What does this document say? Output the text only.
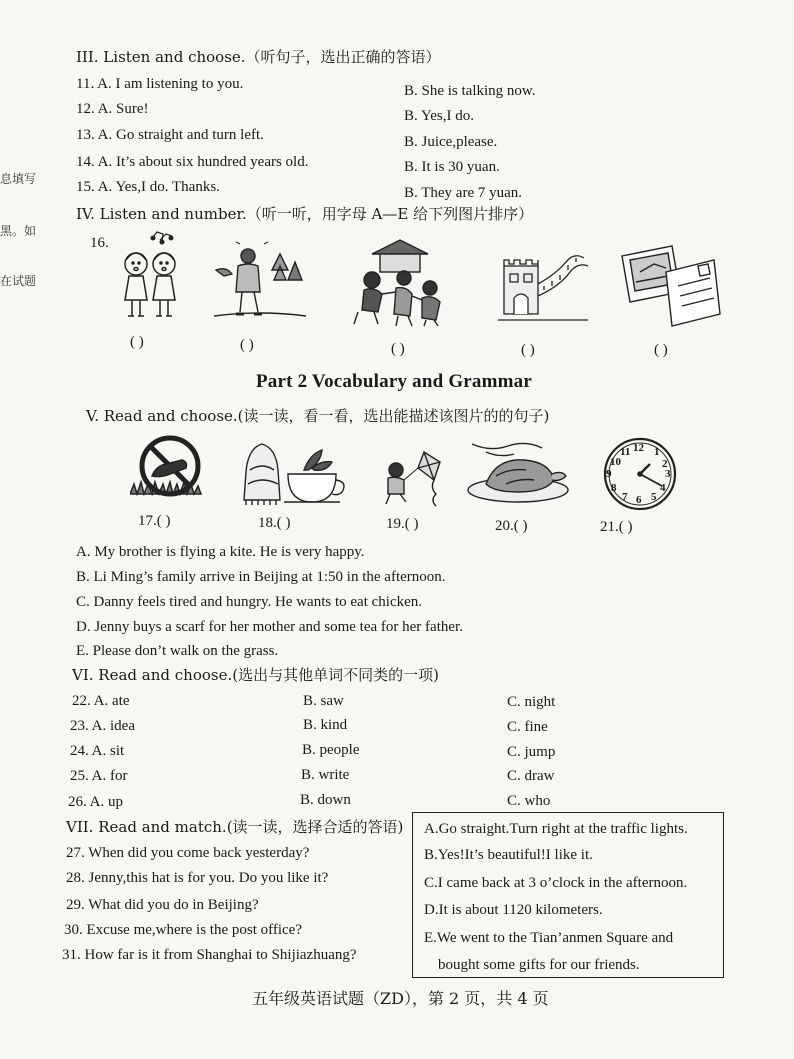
息填写
黑。如
在试题
III. Listen and choose.（听句子，选出正确的答语）
11. A. I am listening to you.	B. She is talking now.
12. A. Sure!	B. Yes,I do.
13. A. Go straight and turn left.	B. Juice,please.
14. A. It’s about six hundred years old.	B. It is 30 yuan.
15. A. Yes,I do. Thanks.	B. They are 7 yuan.
IV. Listen and number.（听一听，用字母 A—E 给下列图片排序）
16.
( )	( )	( )	( )	( )
Part 2 Vocabulary and Grammar
V. Read and choose.(读一读，看一看，选出能描述该图片的的句子)
12 1
2
3
4
5
6
7
8
9
10
11
17.( )	18.( )	19.( )	20.( )	21.( )
A. My brother is flying a kite. He is very happy.
B. Li Ming’s family arrive in Beijing at 1:50 in the afternoon.
C. Danny feels tired and hungry. He wants to eat chicken.
D. Jenny buys a scarf for her mother and some tea for her father.
E. Please don’t walk on the grass.
VI. Read and choose.(选出与其他单词不同类的一项)
22. A. ate	B. saw	C. night
23. A. idea	B. kind	C. fine
24. A. sit	B. people	C. jump
25. A. for	B. write	C. draw
26. A. up	B. down	C. who
VII. Read and match.(读一读，选择合适的答语)
27. When did you come back yesterday?
28. Jenny,this hat is for you. Do you like it?
29. What did you do in Beijing?
30. Excuse me,where is the post office?
31. How far is it from Shanghai to Shijiazhuang?
A.Go straight.Turn right at the traffic lights.
B.Yes!It’s beautiful!I like it.
C.I came back at 3 o’clock in the afternoon.
D.It is about 1120 kilometers.
E.We went to the Tian’anmen Square and
bought some gifts for our friends.
五年级英语试题（ZD），第 2 页，共 4 页
